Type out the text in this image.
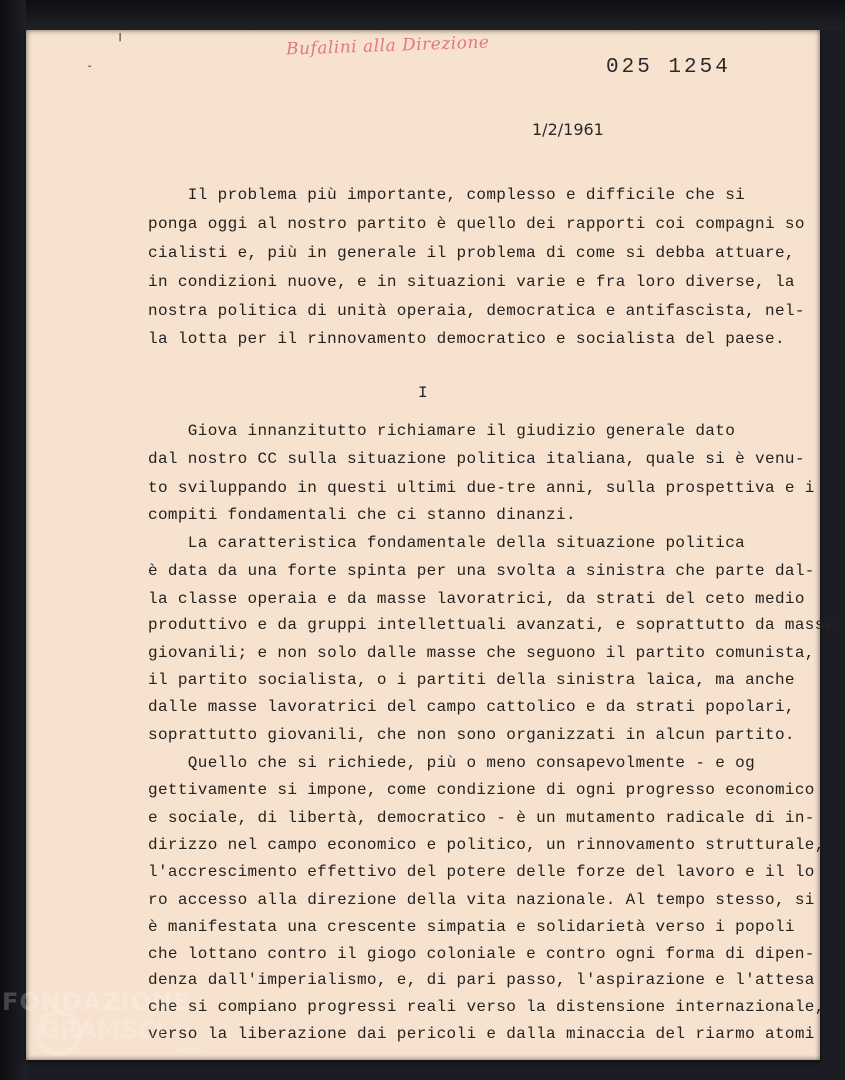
╵
ˇ
Bufalini alla Direzione
025 1254
1/2/1961
Il problema più importante, complesso e difficile che si
ponga oggi al nostro partito è quello dei rapporti coi compagni so
cialisti e, più in generale il problema di come si debba attuare,
in condizioni nuove, e in situazioni varie e fra loro diverse, la
nostra politica di unità operaia, democratica e antifascista, nel-
la lotta per il rinnovamento democratico e socialista del paese.
I
Giova innanzitutto richiamare il giudizio generale dato
dal nostro CC sulla situazione politica italiana, quale si è venu-
to sviluppando in questi ultimi due-tre anni, sulla prospettiva e i
compiti fondamentali che ci stanno dinanzi.
La caratteristica fondamentale della situazione politica
è data da una forte spinta per una svolta a sinistra che parte dal-
la classe operaia e da masse lavoratrici, da strati del ceto medio
produttivo e da gruppi intellettuali avanzati, e soprattutto da masse
giovanili; e non solo dalle masse che seguono il partito comunista,
il partito socialista, o i partiti della sinistra laica, ma anche
dalle masse lavoratrici del campo cattolico e da strati popolari,
soprattutto giovanili, che non sono organizzati in alcun partito.
Quello che si richiede, più o meno consapevolmente - e og
gettivamente si impone, come condizione di ogni progresso economico
e sociale, di libertà, democratico - è un mutamento radicale di in-
dirizzo nel campo economico e politico, un rinnovamento strutturale,
l'accrescimento effettivo del potere delle forze del lavoro e il lo
ro accesso alla direzione della vita nazionale. Al tempo stesso, si
è manifestata una crescente simpatia e solidarietà verso i popoli
che lottano contro il giogo coloniale e contro ogni forma di dipen-
denza dall'imperialismo, e, di pari passo, l'aspirazione e l'attesa
che si compiano progressi reali verso la distensione internazionale,
verso la liberazione dai pericoli e dalla minaccia del riarmo atomi
FONDAZIONE
GRAMSCI
Onlus
